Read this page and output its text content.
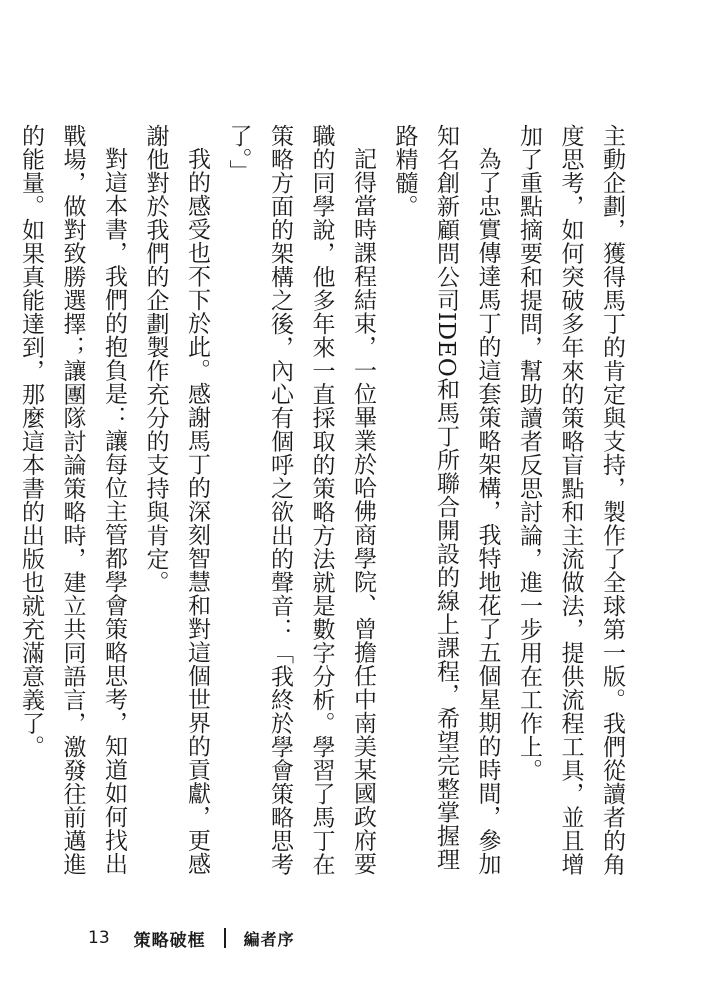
主動企劃，獲得馬丁的肯定與支持，製作了全球第一版。我們從讀者的角度思考，如何突破多年來的策略盲點和主流做法，提供流程工具，並且增加了重點摘要和提問，幫助讀者反思討論，進一步用在工作上。

為了忠實傳達馬丁的這套策略架構，我特地花了五個星期的時間，參加知名創新顧問公司IDEO和馬丁所聯合開設的線上課程，希望完整掌握理路精髓。

記得當時課程結束，一位畢業於哈佛商學院、曾擔任中南美某國政府要職的同學說，他多年來一直採取的策略方法就是數字分析。學習了馬丁在策略方面的架構之後，內心有個呼之欲出的聲音：「我終於學會策略思考了。」

我的感受也不下於此。感謝馬丁的深刻智慧和對這個世界的貢獻，更感謝他對於我們的企劃製作充分的支持與肯定。

對這本書，我們的抱負是：讓每位主管都學會策略思考，知道如何找出戰場，做對致勝選擇；讓團隊討論策略時，建立共同語言，激發往前邁進的能量。如果真能達到，那麼這本書的出版也就充滿意義了。

13 策略破框 編者序
